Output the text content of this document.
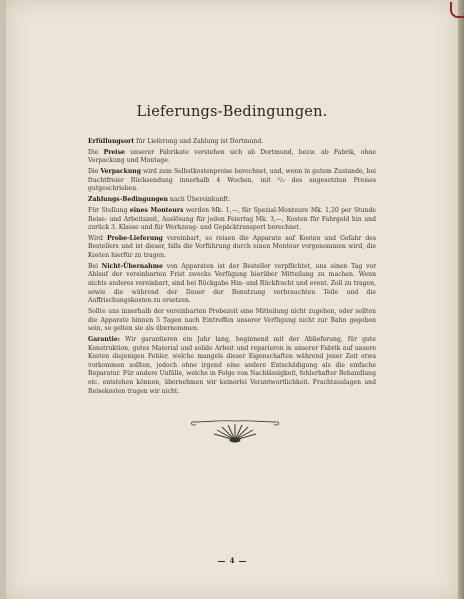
Lieferungs-Bedingungen.

Erfüllungsort für Lieferung und Zahlung ist Dortmund.

Die Preise unserer Fabrikate verstehen sich ab Dortmund, bezw. ab Fabrik, ohne Verpackung und Montage.

Die Verpackung wird zum Selbstkostenpreise berechnet, und, wenn in gutem Zustande, bei frachtfreier Rücksendung innerhalb 4 Wochen, mit ²/₃ des angesetzten Preises gutgeschrieben.

Zahlungs-Bedingungen nach Übereinkunft.

Für Stellung eines Monteurs werden Mk. 1,—, für Spezial-Monteure Mk. 1,20 per Stunde Reise- und Arbeitszeit, Auslösung für jeden Feiertag Mk. 3,—, Kosten für Fahrgeld hin und zurück 3. Klasse und für Werkzeug- und Gepäcktransport berechnet.

Wird Probe-Lieferung vereinbart, so reisen die Apparate auf Kosten und Gefahr des Bestellers und ist dieser, falls die Vorführung durch einen Monteur vorgenommen wird, die Kosten hierfür zu tragen.

Bei Nicht-Übernahme von Apparaten ist der Besteller verpflichtet, uns einen Tag vor Ablauf der vereinbarten Frist zwecks Verfügung hierüber Mitteilung zu machen. Wenn nichts anderes vereinbart, sind bei Rückgabe Hin- und Rückfracht und event. Zoll zu tragen, sowie die während der Dauer der Benutzung verbrauchten Teile und die Auffrischungskosten zu ersetzen.

Sollte uns innerhalb der vereinbarten Probezeit eine Mitteilung nicht zugehen, oder sollten die Apparate binnen 5 Tagen nach Eintreffen unserer Verfügung nicht zur Bahn gegeben sein, so gelten sie als übernommen.

Garantie: Wir garantieren ein Jahr lang, beginnend mit der Ablieferung, für gute Konstruktion, gutes Material und solide Arbeit und reparieren in unserer Fabrik auf unsere Kosten diejenigen Fehler, welche mangels dieser Eigenschaften während jener Zeit etwa vorkommen sollten, jedoch ohne irgend eine andere Entschädigung als die einfache Reparatur. Für andere Unfälle, welche in Folge von Nachlässigkeit, fehlerhafter Behandlung etc. entstehen können, übernehmen wir keinerlei Verantwortlichkeit. Frachtauslagen und Reisekosten tragen wir nicht.

4
